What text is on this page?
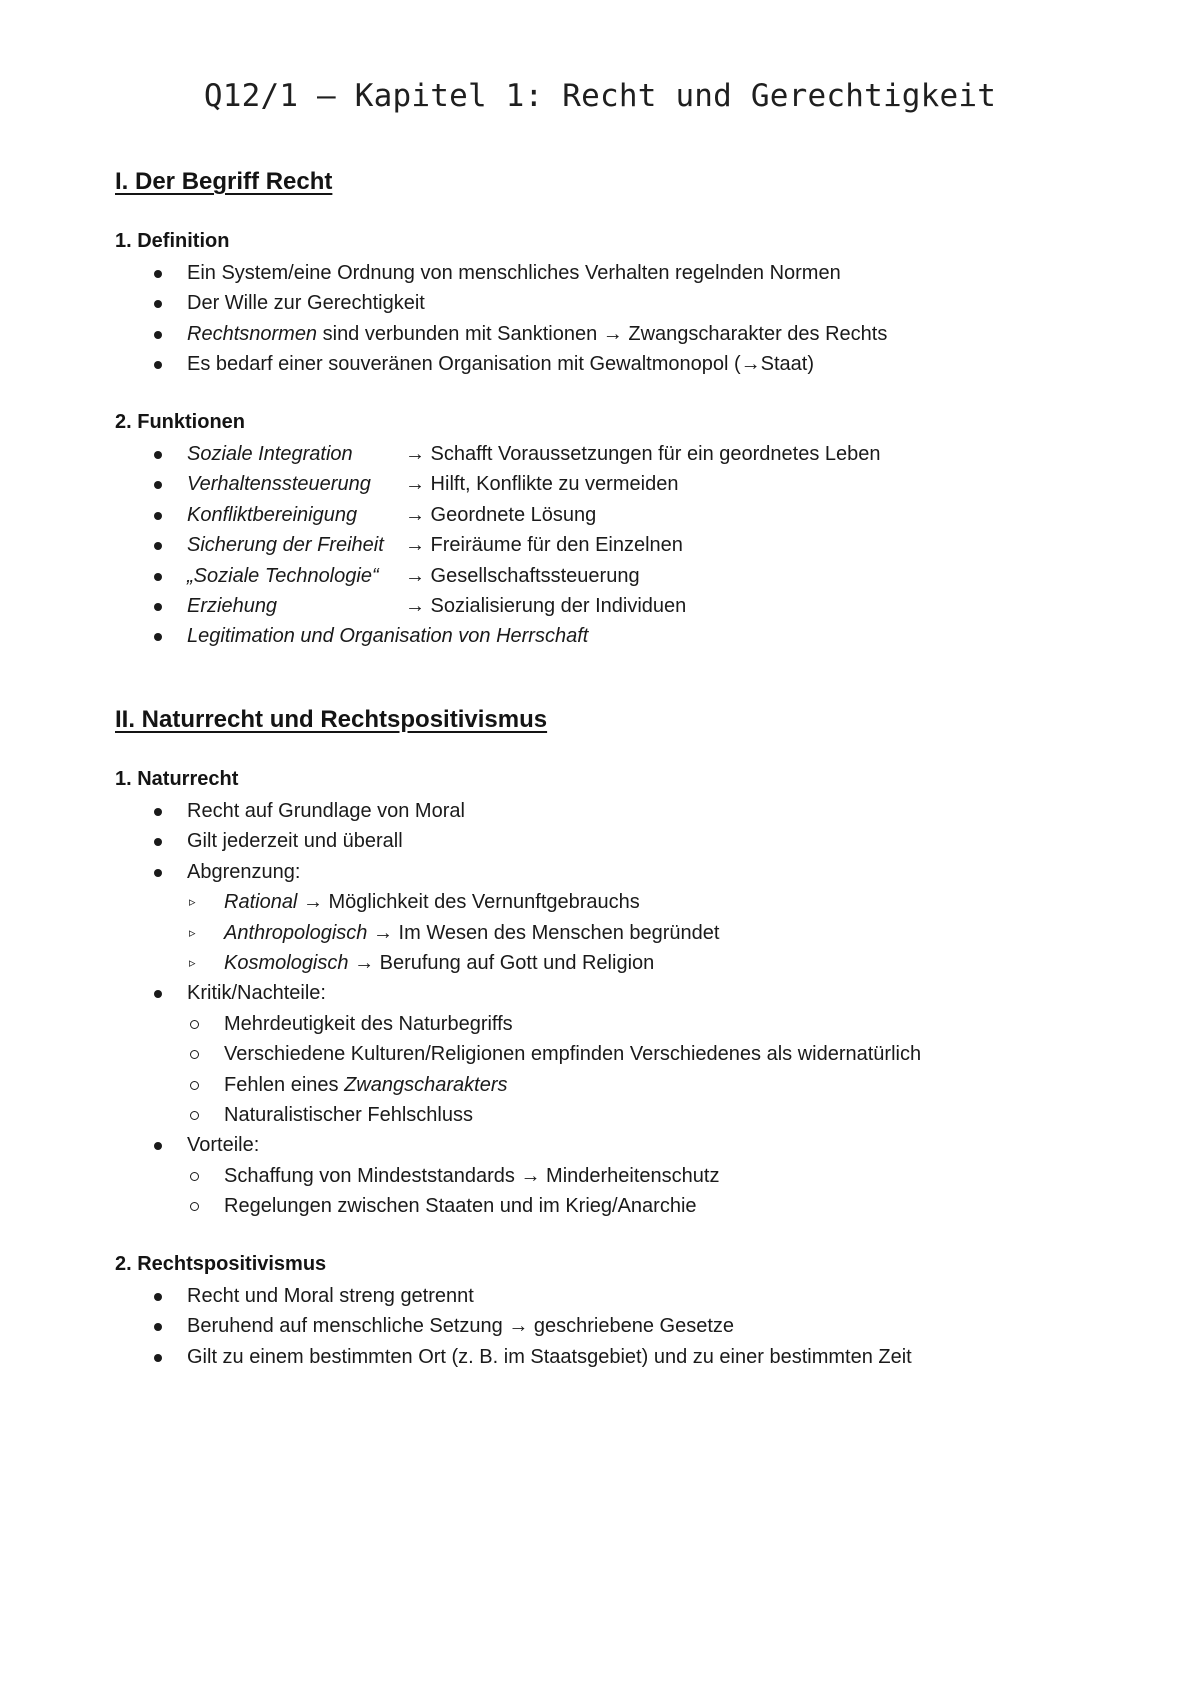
Q12/1 – Kapitel 1: Recht und Gerechtigkeit
I. Der Begriff Recht
1. Definition
Ein System/eine Ordnung von menschliches Verhalten regelnden Normen
Der Wille zur Gerechtigkeit
Rechtsnormen sind verbunden mit Sanktionen → Zwangscharakter des Rechts
Es bedarf einer souveränen Organisation mit Gewaltmonopol (→Staat)
2. Funktionen
Soziale Integration	→ Schafft Voraussetzungen für ein geordnetes Leben
Verhaltenssteuerung → Hilft, Konflikte zu vermeiden
Konfliktbereinigung → Geordnete Lösung
Sicherung der Freiheit → Freiräume für den Einzelnen
„Soziale Technologie“ → Gesellschaftssteuerung
Erziehung	→ Sozialisierung der Individuen
Legitimation und Organisation von Herrschaft
II. Naturrecht und Rechtspositivismus
1. Naturrecht
Recht auf Grundlage von Moral
Gilt jederzeit und überall
Abgrenzung:
▹ Rational → Möglichkeit des Vernunftgebrauchs
▹ Anthropologisch → Im Wesen des Menschen begründet
▹ Kosmologisch → Berufung auf Gott und Religion
Kritik/Nachteile:
Mehrdeutigkeit des Naturbegriffs
Verschiedene Kulturen/Religionen empfinden Verschiedenes als widernatürlich
Fehlen eines Zwangscharakters
Naturalistischer Fehlschluss
Vorteile:
Schaffung von Mindeststandards → Minderheitenschutz
Regelungen zwischen Staaten und im Krieg/Anarchie
2. Rechtspositivismus
Recht und Moral streng getrennt
Beruhend auf menschliche Setzung → geschriebene Gesetze
Gilt zu einem bestimmten Ort (z. B. im Staatsgebiet) und zu einer bestimmten Zeit
